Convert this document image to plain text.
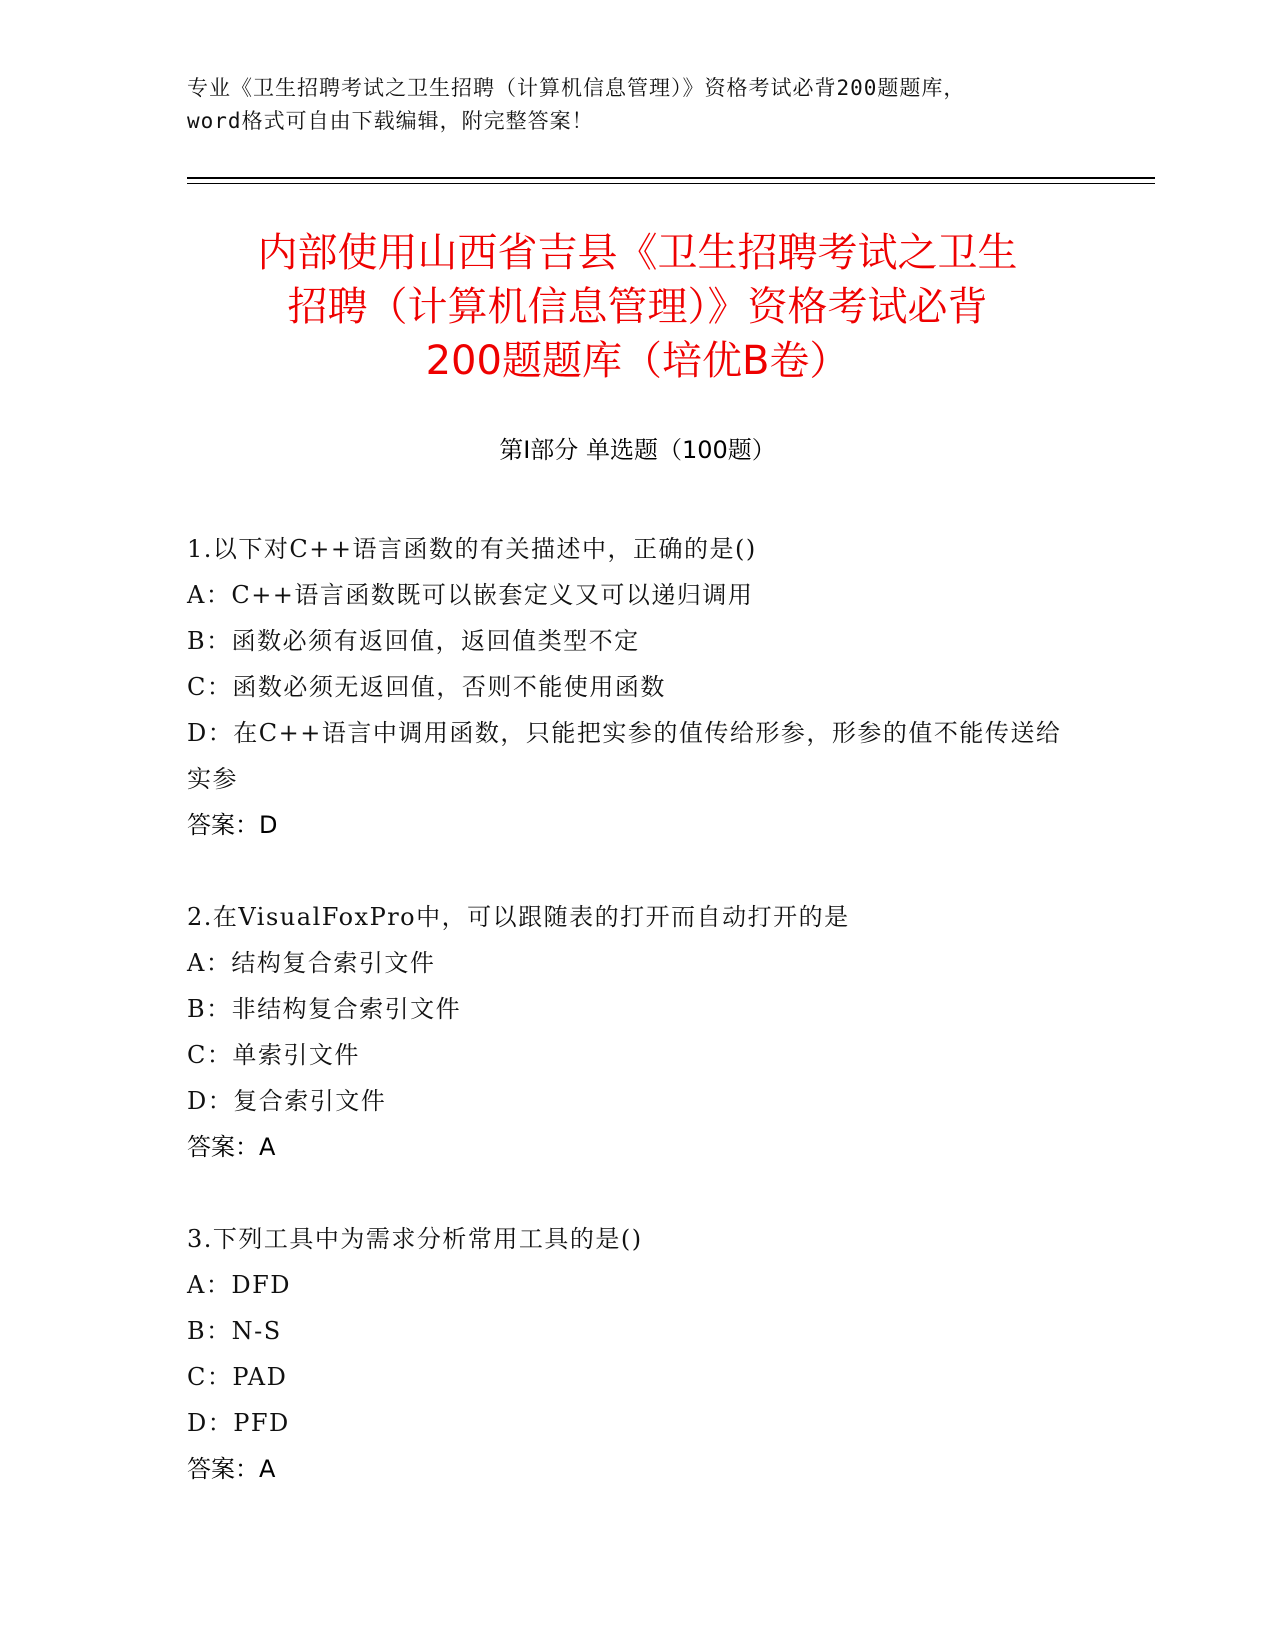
专业《卫生招聘考试之卫生招聘（计算机信息管理）》资格考试必背200题题库，
word格式可自由下载编辑，附完整答案！
内部使用山西省吉县《卫生招聘考试之卫生
招聘（计算机信息管理）》资格考试必背
200题题库（培优B卷）
第Ⅰ部分 单选题（100题）
1.以下对C++语言函数的有关描述中，正确的是()
A：C++语言函数既可以嵌套定义又可以递归调用
B：函数必须有返回值，返回值类型不定
C：函数必须无返回值，否则不能使用函数
D：在C++语言中调用函数，只能把实参的值传给形参，形参的值不能传送给实参
答案：D
2.在VisualFoxPro中，可以跟随表的打开而自动打开的是
A：结构复合索引文件
B：非结构复合索引文件
C：单索引文件
D：复合索引文件
答案：A
3.下列工具中为需求分析常用工具的是()
A：DFD
B：N-S
C：PAD
D：PFD
答案：A
